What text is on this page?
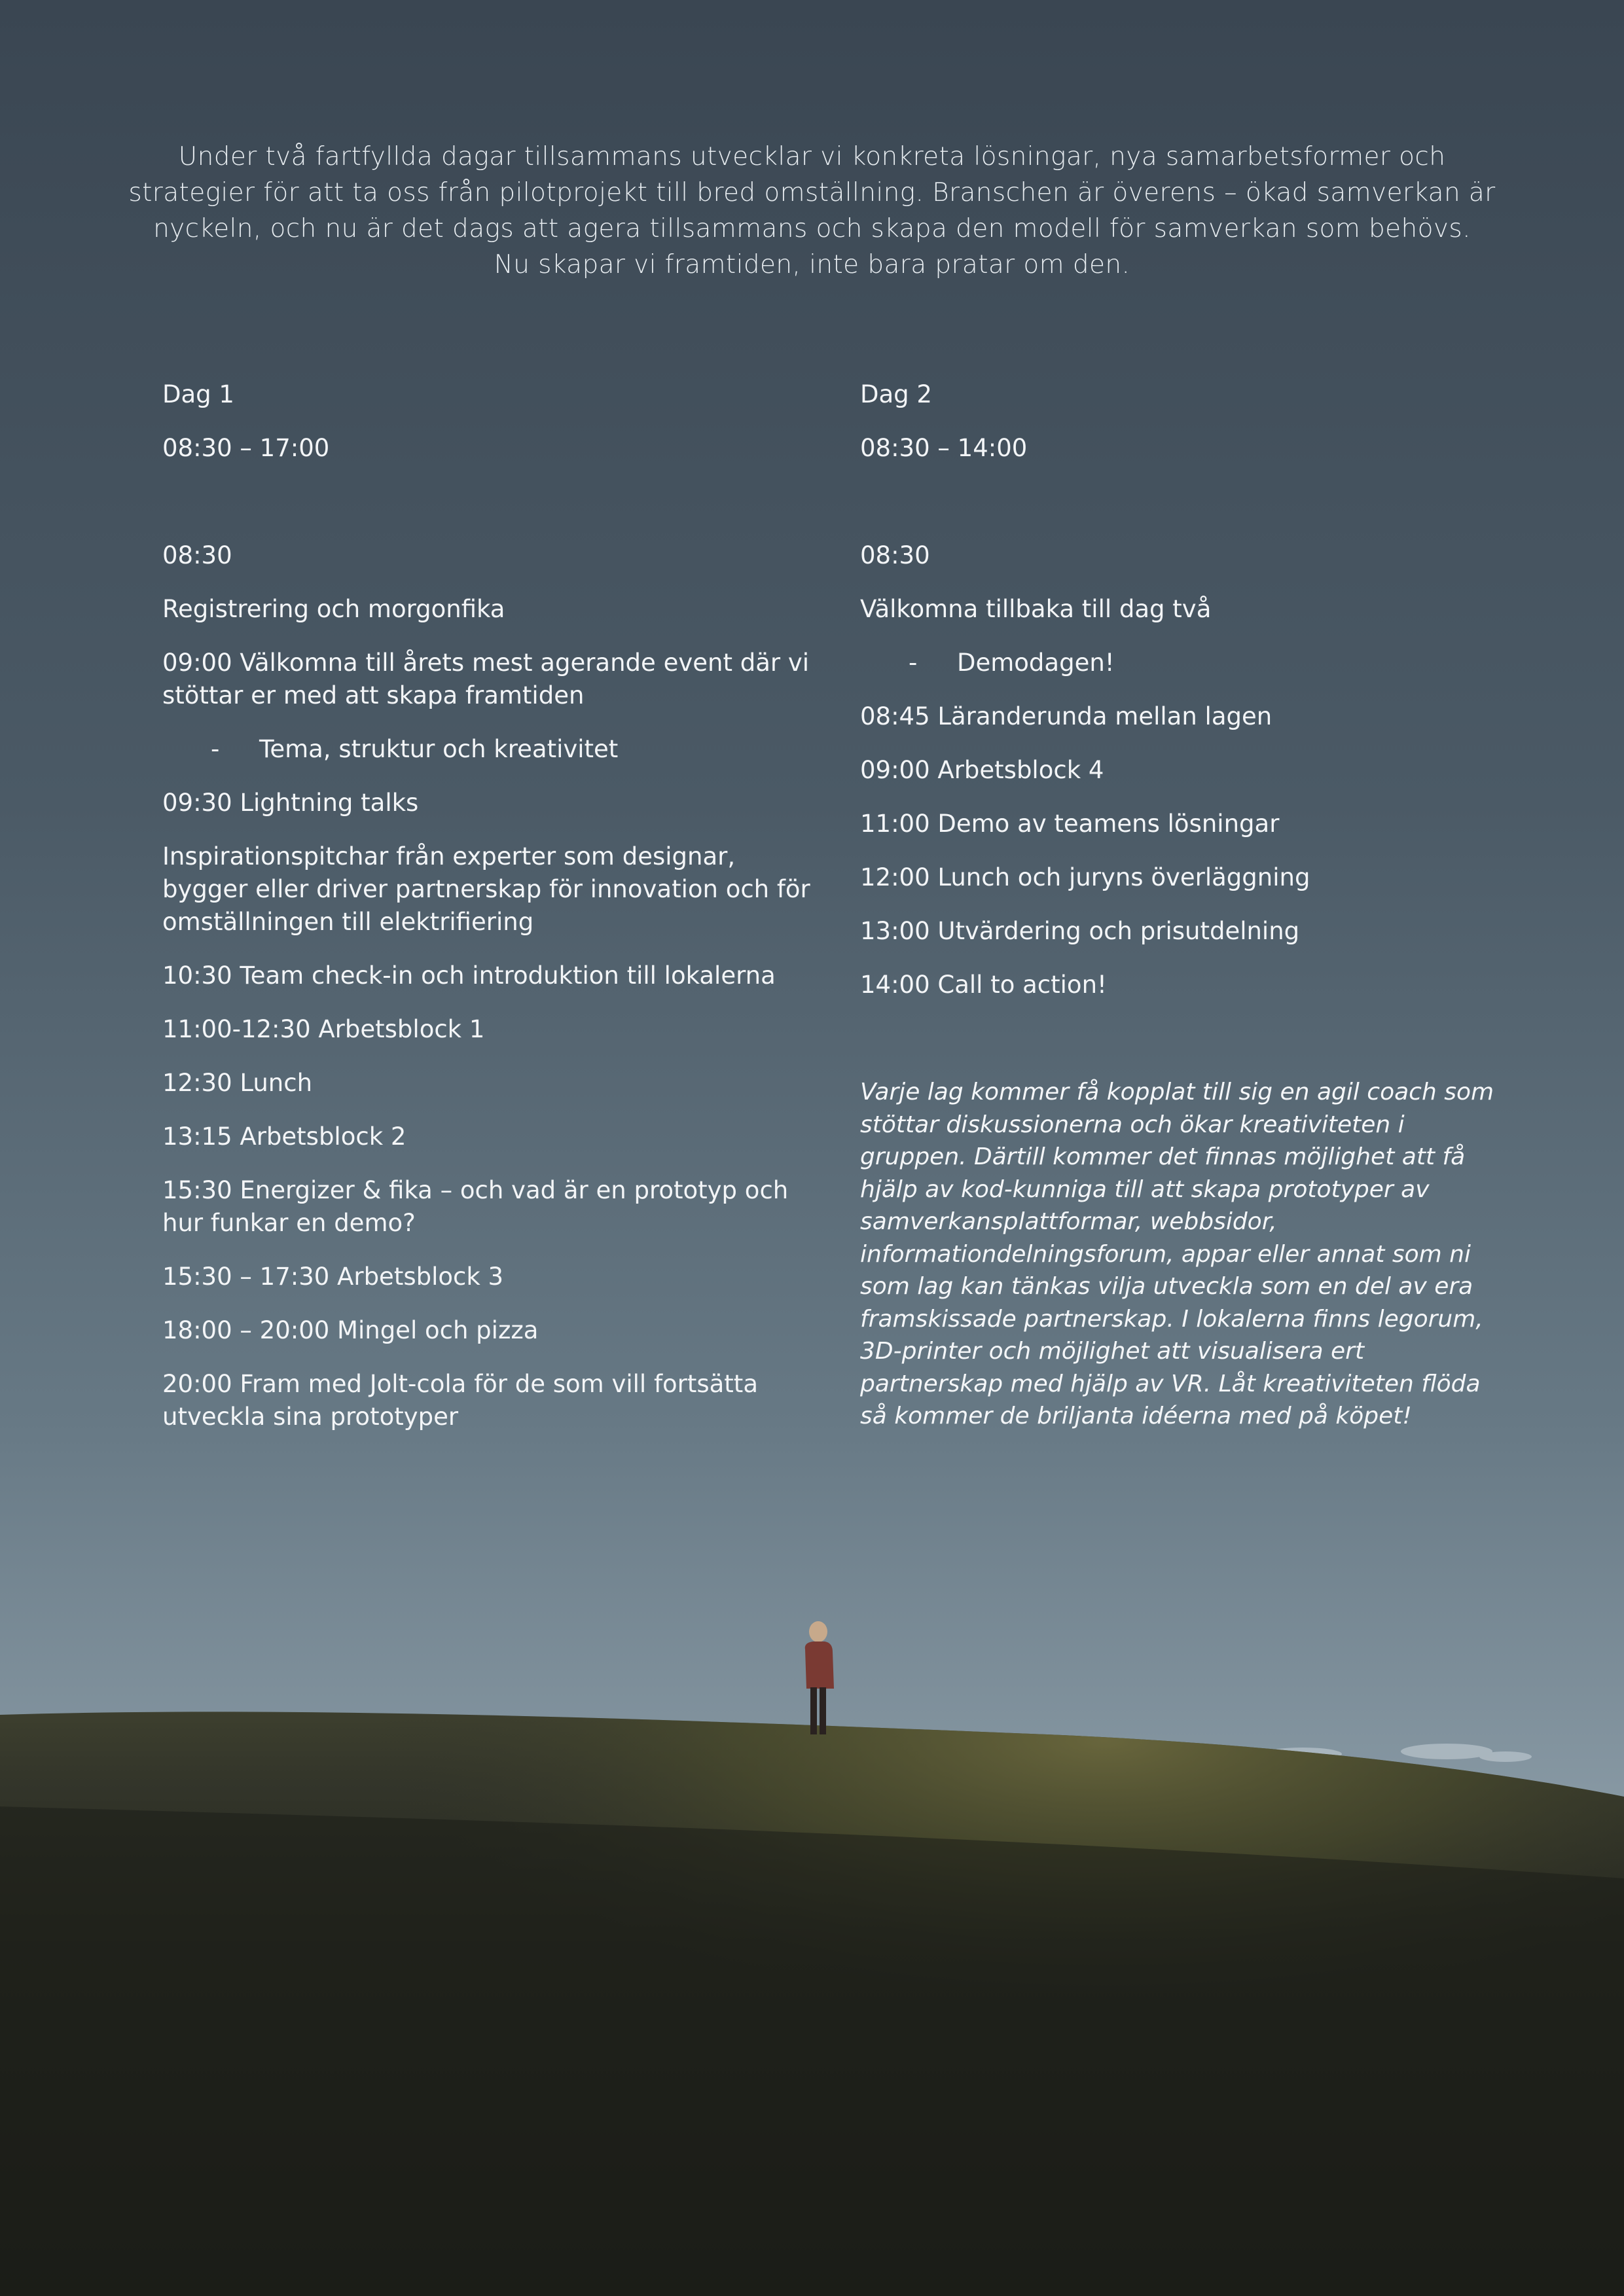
Under två fartfyllda dagar tillsammans utvecklar vi konkreta lösningar, nya samarbetsformer och
strategier för att ta oss från pilotprojekt till bred omställning. Branschen är överens – ökad samverkan är
nyckeln, och nu är det dags att agera tillsammans och skapa den modell för samverkan som behövs.
Nu skapar vi framtiden, inte bara pratar om den.

Dag 1

08:30 – 17:00

08:30

Registrering och morgonfika

09:00 Välkomna till årets mest agerande event där vi stöttar er med att skapa framtiden

- Tema, struktur och kreativitet

09:30 Lightning talks

Inspirationspitchar från experter som designar, bygger eller driver partnerskap för innovation och för omställningen till elektrifiering

10:30 Team check-in och introduktion till lokalerna

11:00-12:30 Arbetsblock 1

12:30 Lunch

13:15 Arbetsblock 2

15:30 Energizer & fika – och vad är en prototyp och hur funkar en demo?

15:30 – 17:30 Arbetsblock 3

18:00 – 20:00 Mingel och pizza

20:00 Fram med Jolt-cola för de som vill fortsätta utveckla sina prototyper

Dag 2

08:30 – 14:00

08:30

Välkomna tillbaka till dag två

- Demodagen!

08:45 Läranderunda mellan lagen

09:00 Arbetsblock 4

11:00 Demo av teamens lösningar

12:00 Lunch och juryns överläggning

13:00 Utvärdering och prisutdelning

14:00 Call to action!

Varje lag kommer få kopplat till sig en agil coach som stöttar diskussionerna och ökar kreativiteten i gruppen. Därtill kommer det finnas möjlighet att få hjälp av kod-kunniga till att skapa prototyper av samverkansplattformar, webbsidor, informationdelningsforum, appar eller annat som ni som lag kan tänkas vilja utveckla som en del av era framskissade partnerskap. I lokalerna finns legorum, 3D-printer och möjlighet att visualisera ert partnerskap med hjälp av VR. Låt kreativiteten flöda så kommer de briljanta idéerna med på köpet!
